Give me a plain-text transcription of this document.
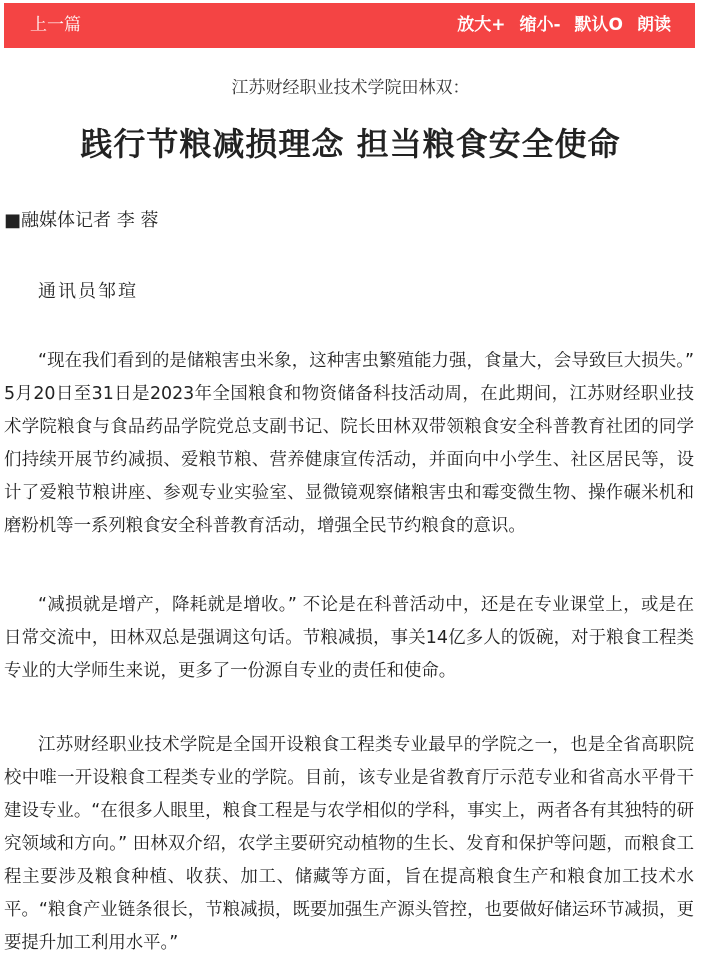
上一篇	放大+ 缩小- 默认O 朗读
江苏财经职业技术学院田林双：
践行节粮减损理念 担当粮食安全使命
■融媒体记者 李 蓉
通讯员邹瑄

“现在我们看到的是储粮害虫米象，这种害虫繁殖能力强，食量大，会导致巨大损失。” 5月20日至31日是2023年全国粮食和物资储备科技活动周，在此期间，江苏财经职业技术学院粮食与食品药品学院党总支副书记、院长田林双带领粮食安全科普教育社团的同学们持续开展节约减损、爱粮节粮、营养健康宣传活动，并面向中小学生、社区居民等，设计了爱粮节粮讲座、参观专业实验室、显微镜观察储粮害虫和霉变微生物、操作碾米机和磨粉机等一系列粮食安全科普教育活动，增强全民节约粮食的意识。

“减损就是增产，降耗就是增收。” 不论是在科普活动中，还是在专业课堂上，或是在日常交流中，田林双总是强调这句话。节粮减损，事关14亿多人的饭碗，对于粮食工程类专业的大学师生来说，更多了一份源自专业的责任和使命。

江苏财经职业技术学院是全国开设粮食工程类专业最早的学院之一，也是全省高职院校中唯一开设粮食工程类专业的学院。目前，该专业是省教育厅示范专业和省高水平骨干建设专业。“在很多人眼里，粮食工程是与农学相似的学科，事实上，两者各有其独特的研究领域和方向。” 田林双介绍，农学主要研究动植物的生长、发育和保护等问题，而粮食工程主要涉及粮食种植、收获、加工、储藏等方面，旨在提高粮食生产和粮食加工技术水平。“粮食产业链条很长，节粮减损，既要加强生产源头管控，也要做好储运环节减损，更要提升加工利用水平。”
